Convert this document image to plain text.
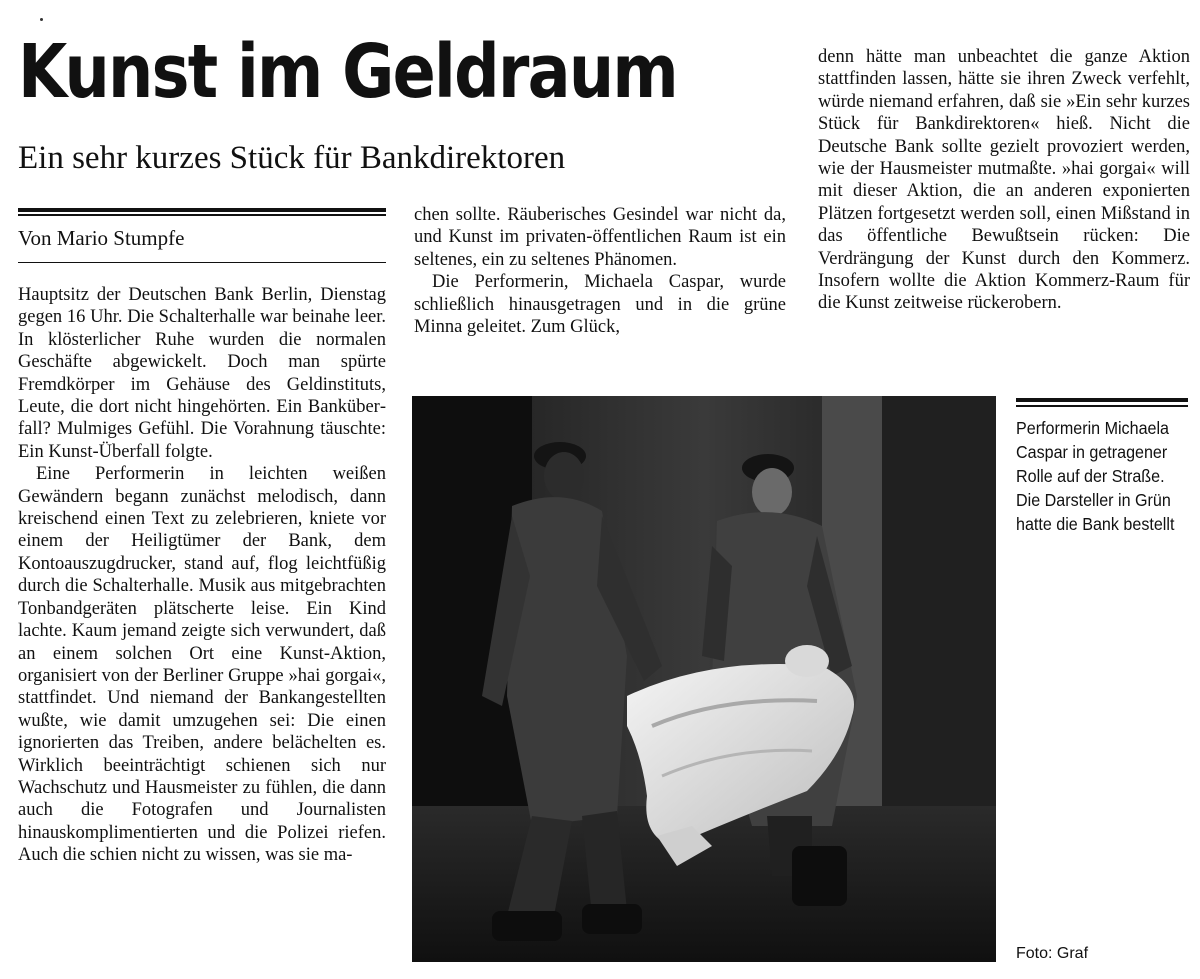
Kunst im Geldraum
Ein sehr kurzes Stück für Bankdirektoren
Von Mario Stumpfe

Hauptsitz der Deutschen Bank Berlin, Dienstag gegen 16 Uhr. Die Schalterhalle war beinahe leer. In klösterlicher Ruhe wurden die normalen Geschäfte abgewickelt. Doch man spürte Fremdkörper im Gehäuse des Geldinstituts, Leute, die dort nicht hingehörten. Ein Banküberfall? Mulmiges Gefühl. Die Vorahnung täuschte: Ein Kunst-Überfall folgte.

Eine Performerin in leichten weißen Gewändern begann zunächst melodisch, dann kreischend einen Text zu zelebrieren, kniete vor einem der Heiligtümer der Bank, dem Kontoauszugdrucker, stand auf, flog leichtfüßig durch die Schalterhalle. Musik aus mitgebrachten Tonbandgeräten plätscherte leise. Ein Kind lachte. Kaum jemand zeigte sich verwundert, daß an einem solchen Ort eine Kunst-Aktion, organisiert von der Berliner Gruppe »hai gorgai«, stattfindet. Und niemand der Bankangestellten wußte, wie damit umzugehen sei: Die einen ignorierten das Treiben, andere belächelten es. Wirklich beeinträchtigt schienen sich nur Wachschutz und Hausmeister zu fühlen, die dann auch die Fotografen und Journalisten hinauskomplimentierten und die Polizei riefen. Auch die schien nicht zu wissen, was sie ma-

chen sollte. Räuberisches Gesindel war nicht da, und Kunst im privaten-öffentlichen Raum ist ein seltenes, ein zu seltenes Phänomen.

Die Performerin, Michaela Caspar, wurde schließlich hinausgetragen und in die grüne Minna geleitet. Zum Glück,

denn hätte man unbeachtet die ganze Aktion stattfinden lassen, hätte sie ihren Zweck verfehlt, würde niemand erfahren, daß sie »Ein sehr kurzes Stück für Bankdirektoren« hieß. Nicht die Deutsche Bank sollte gezielt provoziert werden, wie der Hausmeister mutmaßte. »hai gorgai« will mit dieser Aktion, die an anderen exponierten Plätzen fortgesetzt werden soll, einen Mißstand in das öffentliche Bewußtsein rücken: Die Verdrängung der Kunst durch den Kommerz. Insofern wollte die Aktion Kommerz-Raum für die Kunst zeitweise rückerobern.

Performerin Michaela Caspar in getragener Rolle auf der Straße. Die Darsteller in Grün hatte die Bank bestellt
Foto: Graf
